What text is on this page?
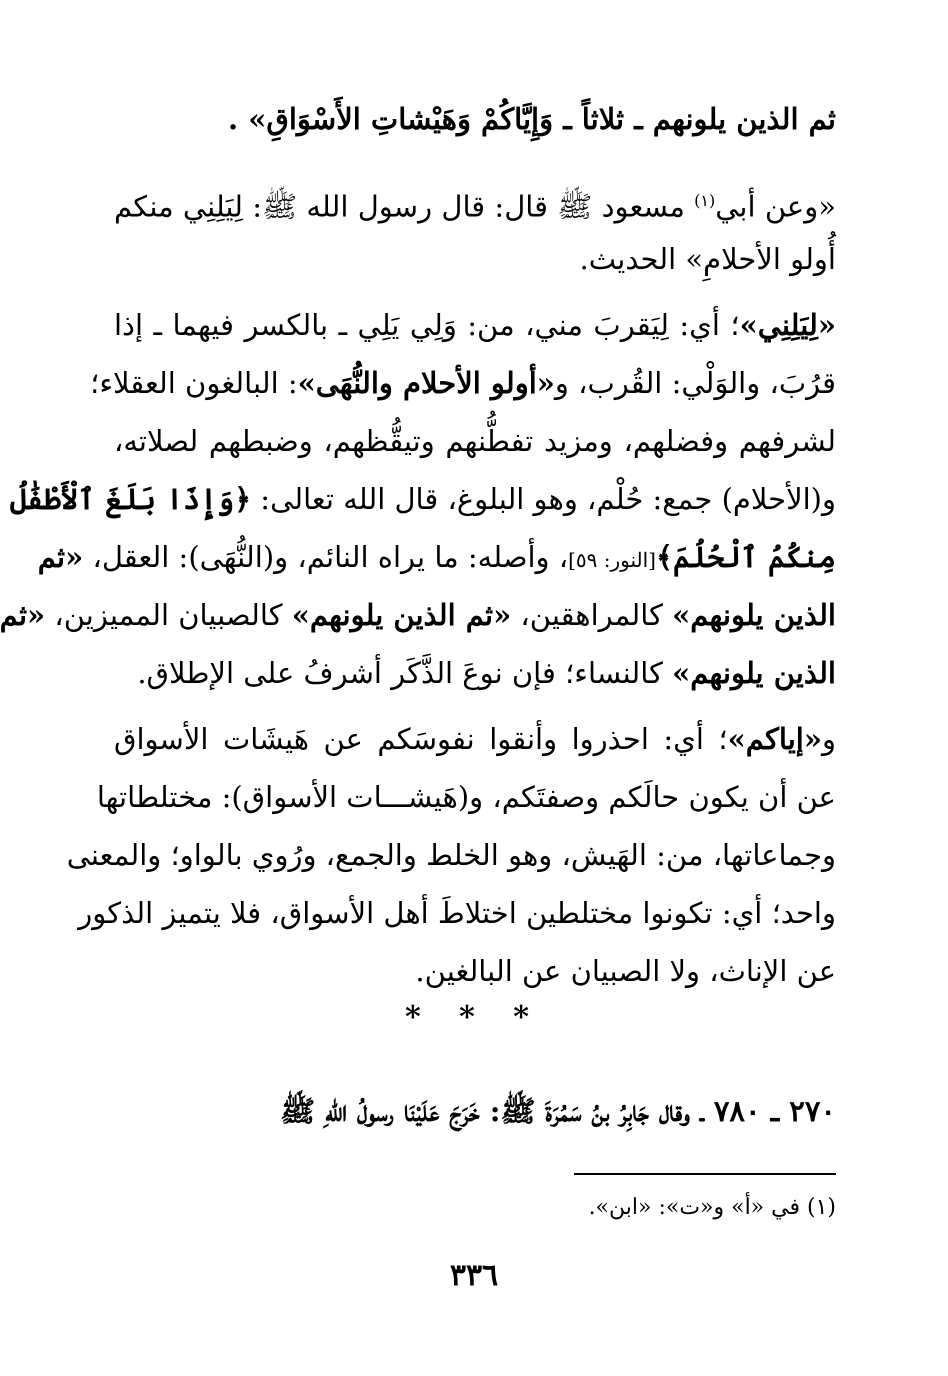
ثم الذين يلونهم ـ ثلاثاً ـ وَإِيَّاكُمْ وَهَيْشاتِ الأَسْوَاقِ» .
«وعن أبي$^{(١)}$ مسعود ﷺ قال: قال رسول الله ﷺ: لِيَلِنِي منكم
أُولو الأحلامِ» الحديث.
«لِيَلِنِي»؛ أي: لِيَقربَ مني، من: وَلِي يَلِي ـ بالكسر فيهما ـ إذا
قرُبَ، والوَلْي: القُرب، و«أولو الأحلام والنُّهَى»: البالغون العقلاء؛
لشرفهم وفضلهم، ومزيد تفطُّنهم وتيقُّظهم، وضبطهم لصلاته،
و(الأحلام) جمع: حُلْم، وهو البلوغ، قال الله تعالى: ﴿وَإِذَا بَلَغَ ٱلْأَطْفَٰلُ
مِنكُمُ ٱلْحُلُمَ﴾[النور: ٥٩]، وأصله: ما يراه النائم، و(النُّهَى): العقل، «ثم
الذين يلونهم» كالمراهقين، «ثم الذين يلونهم» كالصبيان المميزين، «ثم
الذين يلونهم» كالنساء؛ فإن نوعَ الذَّكَر أشرفُ على الإطلاق.
و«إياكم»؛ أي: احذروا وأنقوا نفوسَكم عن هَيشَات الأسواق
عن أن يكون حالَكم وصفتَكم، و(هَيشـــات الأسواق): مختلطاتها
وجماعاتها، من: الهَيش، وهو الخلط والجمع، ورُوي بالواو؛ والمعنى
واحد؛ أي: تكونوا مختلطين اختلاطَ أهل الأسواق، فلا يتميز الذكور
عن الإناث، ولا الصبيان عن البالغين.
* * *
٢٧٠ ـ ٧٨٠ ـ وقال جَابِرُ بنُ سَمُرَةَ ﷺ: خَرَجَ عَلَيْنَا رسولُ اللهِ ﷺ
(١) في «أ» و«ت»: «ابن».
٣٣٦
